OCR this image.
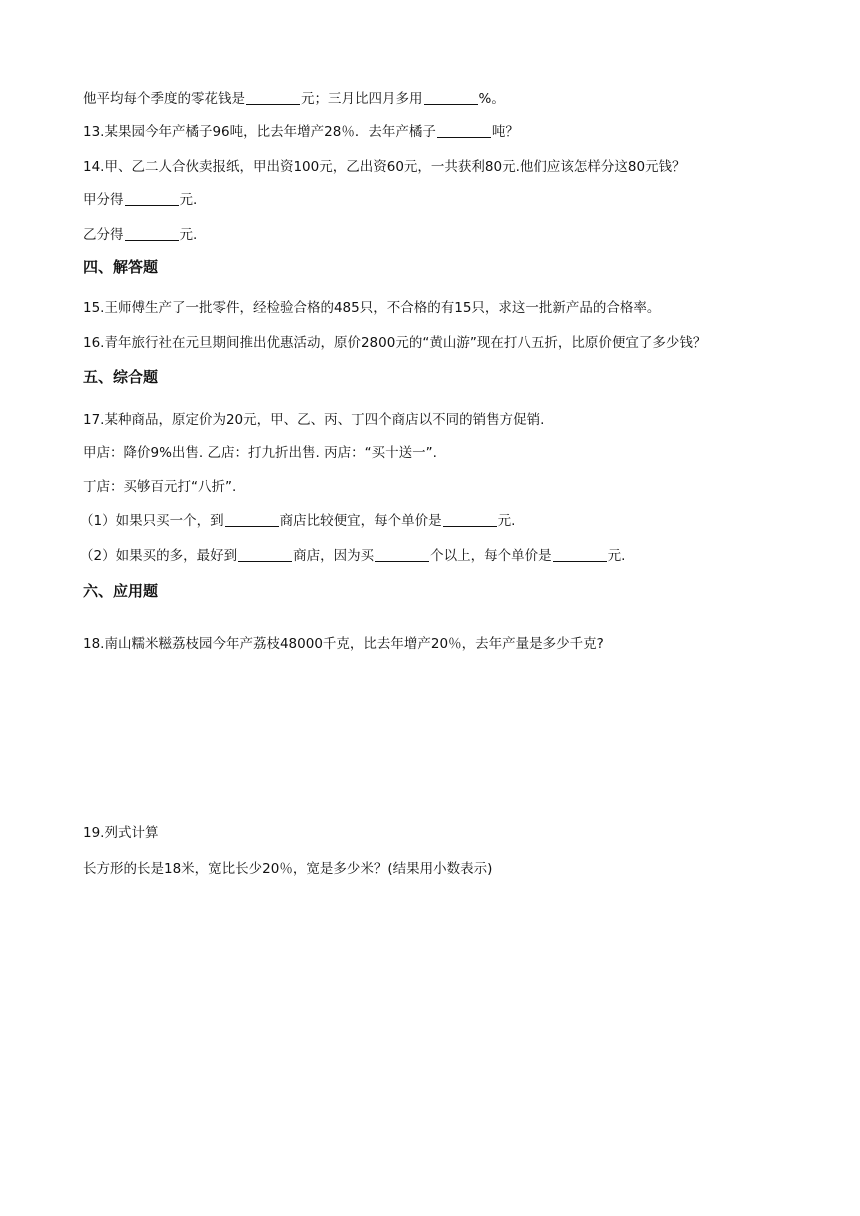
他平均每个季度的零花钱是	元；三月比四月多用	%。
13.某果园今年产橘子96吨，比去年增产28％．去年产橘子	吨？
14.甲、乙二人合伙卖报纸，甲出资100元，乙出资60元，一共获利80元.他们应该怎样分这80元钱？
甲分得	元.
乙分得	元.
四、解答题
15.王师傅生产了一批零件，经检验合格的485只，不合格的有15只，求这一批新产品的合格率。
16.青年旅行社在元旦期间推出优惠活动，原价2800元的“黄山游”现在打八五折，比原价便宜了多少钱？
五、综合题
17.某种商品，原定价为20元，甲、乙、丙、丁四个商店以不同的销售方促销.
甲店：降价9%出售. 乙店：打九折出售. 丙店：“买十送一”.
丁店：买够百元打“八折”.
（1）如果只买一个，到	商店比较便宜，每个单价是	元.
（2）如果买的多，最好到	商店，因为买	个以上，每个单价是	元.
六、应用题
18.南山糯米糍荔枝园今年产荔枝48000千克，比去年增产20％，去年产量是多少千克?
19.列式计算
长方形的长是18米，宽比长少20％，宽是多少米？(结果用小数表示)
